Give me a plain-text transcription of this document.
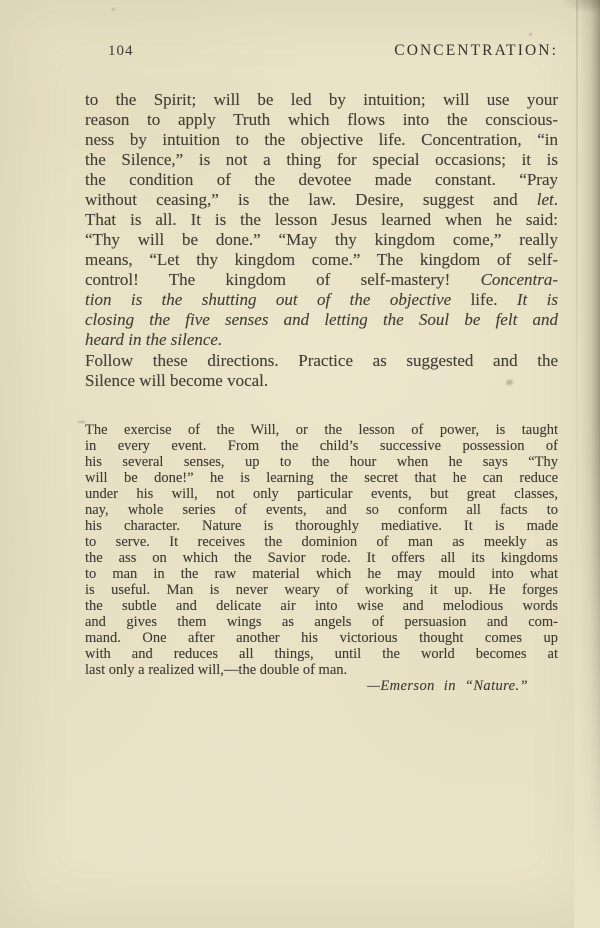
104	CONCENTRATION:
to the Spirit; will be led by intuition; will use your
reason to apply Truth which flows into the conscious-
ness by intuition to the objective life. Concentration, “in
the Silence,” is not a thing for special occasions; it is
the condition of the devotee made constant. “Pray
without ceasing,” is the law. Desire, suggest and let.
That is all. It is the lesson Jesus learned when he said:
“Thy will be done.” “May thy kingdom come,” really
means, “Let thy kingdom come.” The kingdom of self-
control! The kingdom of self-mastery! Concentra-
tion is the shutting out of the objective life. It is
closing the five senses and letting the Soul be felt and
heard in the silence.
Follow these directions. Practice as suggested and the
Silence will become vocal.
The exercise of the Will, or the lesson of power, is taught
in every event. From the child’s successive possession of
his several senses, up to the hour when he says “Thy
will be done!” he is learning the secret that he can reduce
under his will, not only particular events, but great classes,
nay, whole series of events, and so conform all facts to
his character. Nature is thoroughly mediative. It is made
to serve. It receives the dominion of man as meekly as
the ass on which the Savior rode. It offers all its kingdoms
to man in the raw material which he may mould into what
is useful. Man is never weary of working it up. He forges
the subtle and delicate air into wise and melodious words
and gives them wings as angels of persuasion and com-
mand. One after another his victorious thought comes up
with and reduces all things, until the world becomes at
last only a realized will,—the double of man.
—Emerson in “Nature.”
